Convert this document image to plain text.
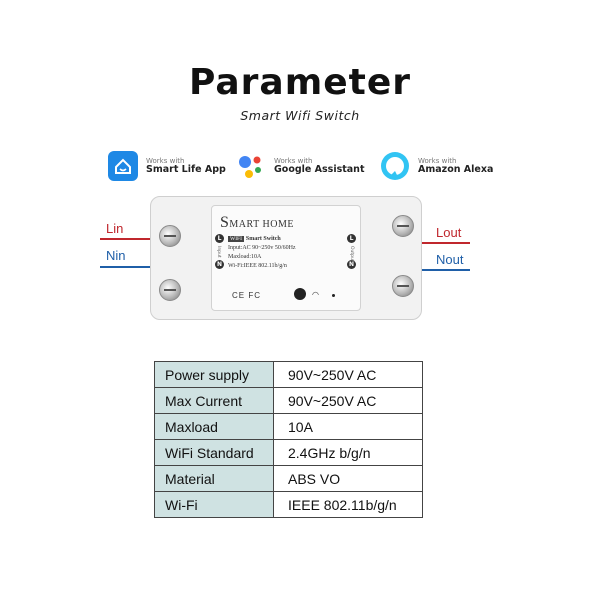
Parameter
Smart Wifi Switch
Works with
Smart Life App
Works with
Google Assistant
Works with
Amazon Alexa
Lin
Nin
Lout
Nout
SMART HOME
WIFI Smart Switch
Input:AC 90~250v 50/60Hz
Maxload:10A
Wi-Fi:IEEE 802.11b/g/n
L
N
L
N
Input	Output
CE FC	◠
Power supply	90V~250V AC
Max Current	90V~250V AC
Maxload	10A
WiFi Standard	2.4GHz b/g/n
Material	ABS VO
Wi-Fi	IEEE 802.11b/g/n
